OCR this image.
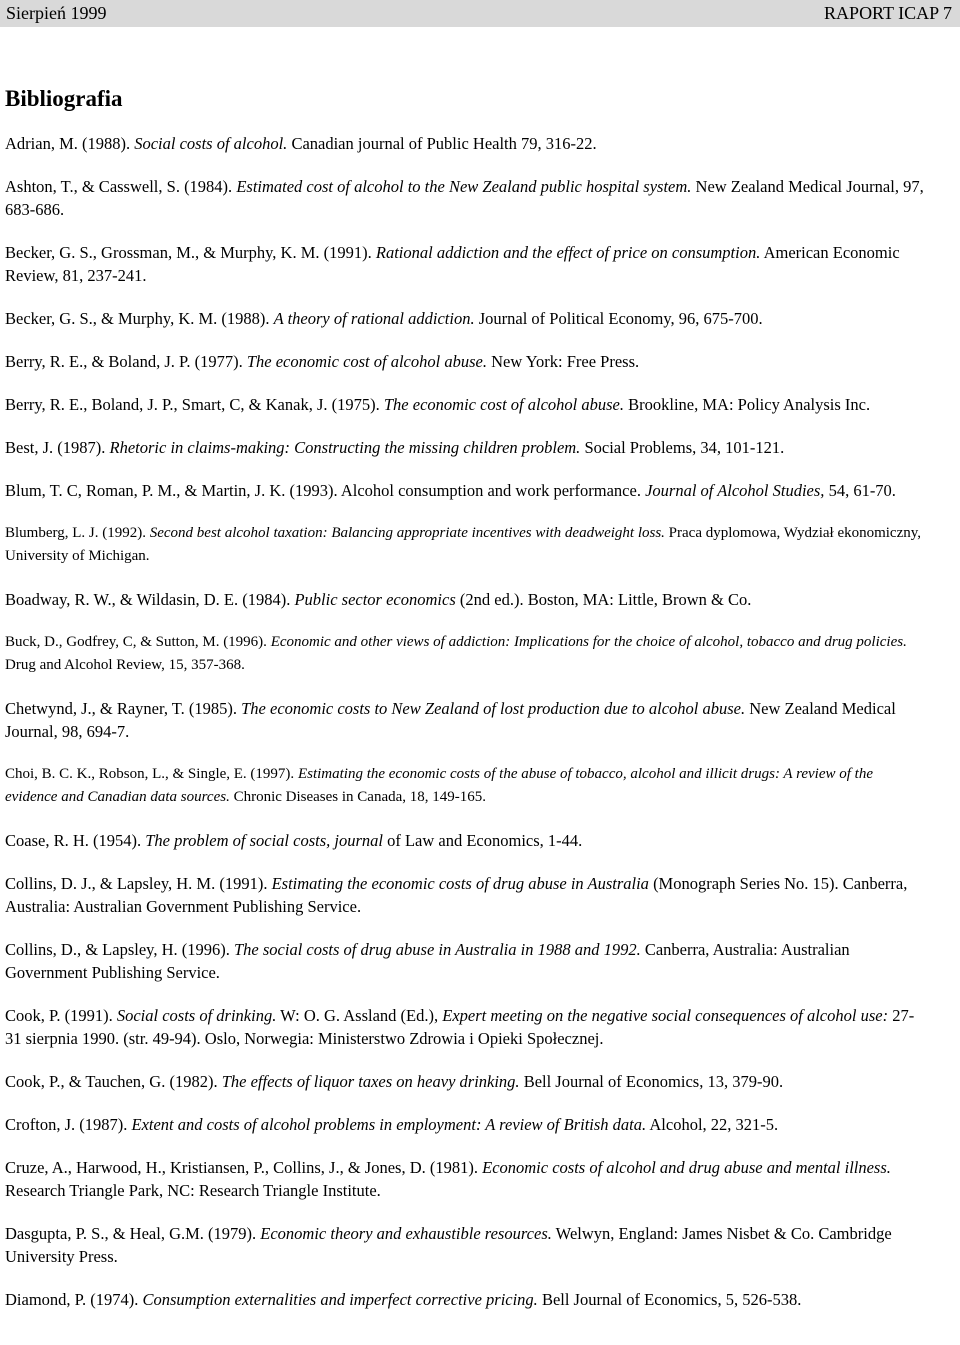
Sierpień 1999	RAPORT ICAP 7
Bibliografia

Adrian, M. (1988). Social costs of alcohol. Canadian journal of Public Health 79, 316-22.

Ashton, T., & Casswell, S. (1984). Estimated cost of alcohol to the New Zealand public hospital system. New Zealand Medical Journal, 97, 683-686.

Becker, G. S., Grossman, M., & Murphy, K. M. (1991). Rational addiction and the effect of price on consumption. American Economic Review, 81, 237-241.

Becker, G. S., & Murphy, K. M. (1988). A theory of rational addiction. Journal of Political Economy, 96, 675-700.

Berry, R. E., & Boland, J. P. (1977). The economic cost of alcohol abuse. New York: Free Press.

Berry, R. E., Boland, J. P., Smart, C, & Kanak, J. (1975). The economic cost of alcohol abuse. Brookline, MA: Policy Analysis Inc.

Best, J. (1987). Rhetoric in claims-making: Constructing the missing children problem. Social Problems, 34, 101-121.

Blum, T. C, Roman, P. M., & Martin, J. K. (1993). Alcohol consumption and work performance. Journal of Alcohol Studies, 54, 61-70.

Blumberg, L. J. (1992). Second best alcohol taxation: Balancing appropriate incentives with deadweight loss. Praca dyplomowa, Wydział ekonomiczny, University of Michigan.

Boadway, R. W., & Wildasin, D. E. (1984). Public sector economics (2nd ed.). Boston, MA: Little, Brown & Co.

Buck, D., Godfrey, C, & Sutton, M. (1996). Economic and other views of addiction: Implications for the choice of alcohol, tobacco and drug policies. Drug and Alcohol Review, 15, 357-368.

Chetwynd, J., & Rayner, T. (1985). The economic costs to New Zealand of lost production due to alcohol abuse. New Zealand Medical Journal, 98, 694-7.

Choi, B. C. K., Robson, L., & Single, E. (1997). Estimating the economic costs of the abuse of tobacco, alcohol and illicit drugs: A review of the evidence and Canadian data sources. Chronic Diseases in Canada, 18, 149-165.

Coase, R. H. (1954). The problem of social costs, journal of Law and Economics, 1-44.

Collins, D. J., & Lapsley, H. M. (1991). Estimating the economic costs of drug abuse in Australia (Monograph Series No. 15). Canberra, Australia: Australian Government Publishing Service.

Collins, D., & Lapsley, H. (1996). The social costs of drug abuse in Australia in 1988 and 1992. Canberra, Australia: Australian Government Publishing Service.

Cook, P. (1991). Social costs of drinking. W: O. G. Assland (Ed.), Expert meeting on the negative social consequences of alcohol use: 27-31 sierpnia 1990. (str. 49-94). Oslo, Norwegia: Ministerstwo Zdrowia i Opieki Społecznej.

Cook, P., & Tauchen, G. (1982). The effects of liquor taxes on heavy drinking. Bell Journal of Economics, 13, 379-90.

Crofton, J. (1987). Extent and costs of alcohol problems in employment: A review of British data. Alcohol, 22, 321-5.

Cruze, A., Harwood, H., Kristiansen, P., Collins, J., & Jones, D. (1981). Economic costs of alcohol and drug abuse and mental illness. Research Triangle Park, NC: Research Triangle Institute.

Dasgupta, P. S., & Heal, G.M. (1979). Economic theory and exhaustible resources. Welwyn, England: James Nisbet & Co. Cambridge University Press.

Diamond, P. (1974). Consumption externalities and imperfect corrective pricing. Bell Journal of Economics, 5, 526-538.
